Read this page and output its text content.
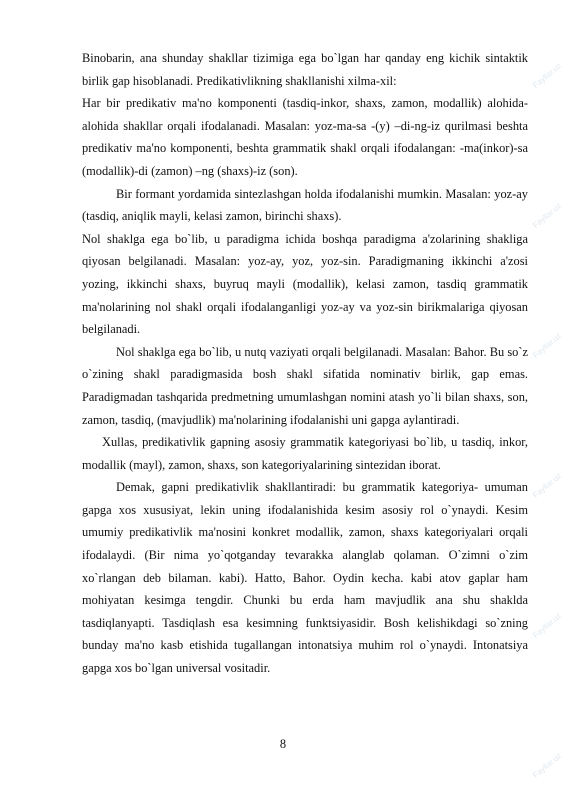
Binobarin, ana shunday shakllar tizimiga ega bo`lgan har qanday eng kichik sintaktik birlik gap hisoblanadi. Predikativlikning shakllanishi xilma-xil:

Har bir predikativ ma'no komponenti (tasdiq-inkor, shaxs, zamon, modallik) alohida-alohida shakllar orqali ifodalanadi. Masalan: yoz-ma-sa -(y) –di-ng-iz qurilmasi beshta predikativ ma'no komponenti, beshta grammatik shakl orqali ifodalangan: -ma(inkor)-sa (modallik)-di (zamon) –ng (shaxs)-iz (son).

Bir formant yordamida sintezlashgan holda ifodalanishi mumkin. Masalan: yoz-ay (tasdiq, aniqlik mayli, kelasi zamon, birinchi shaxs).

Nol shaklga ega bo`lib, u paradigma ichida boshqa paradigma a'zolarining shakliga qiyosan belgilanadi. Masalan: yoz-ay, yoz, yoz-sin. Paradigmaning ikkinchi a'zosi yozing, ikkinchi shaxs, buyruq mayli (modallik), kelasi zamon, tasdiq grammatik ma'nolarining nol shakl orqali ifodalanganligi yoz-ay va yoz-sin birikmalariga qiyosan belgilanadi.

Nol shaklga ega bo`lib, u nutq vaziyati orqali belgilanadi. Masalan: Bahor. Bu so`z o`zining shakl paradigmasida bosh shakl sifatida nominativ birlik, gap emas. Paradigmadan tashqarida predmetning umumlashgan nomini atash yo`li bilan shaxs, son, zamon, tasdiq, (mavjudlik) ma'nolarining ifodalanishi uni gapga aylantiradi.

Xullas, predikativlik gapning asosiy grammatik kategoriyasi bo`lib, u tasdiq, inkor, modallik (mayl), zamon, shaxs, son kategoriyalarining sintezidan iborat.

Demak, gapni predikativlik shakllantiradi: bu grammatik kategoriya- umuman gapga xos xususiyat, lekin uning ifodalanishida kesim asosiy rol o`ynaydi. Kesim umumiy predikativlik ma'nosini konkret modallik, zamon, shaxs kategoriyalari orqali ifodalaydi. (Bir nima yo`qotganday tevarakka alanglab qolaman. O`zimni o`zim xo`rlangan deb bilaman. kabi). Hatto, Bahor. Oydin kecha. kabi atov gaplar ham mohiyatan kesimga tengdir. Chunki bu erda ham mavjudlik ana shu shaklda tasdiqlanyapti. Tasdiqlash esa kesimning funktsiyasidir. Bosh kelishikdagi so`zning bunday ma'no kasb etishida tugallangan intonatsiya muhim rol o`ynaydi. Intonatsiya gapga xos bo`lgan universal vositadir.

8
Fayllar.uz
Fayllar.uz
Fayllar.uz
Fayllar.uz
Fayllar.uz
Fayllar.uz
